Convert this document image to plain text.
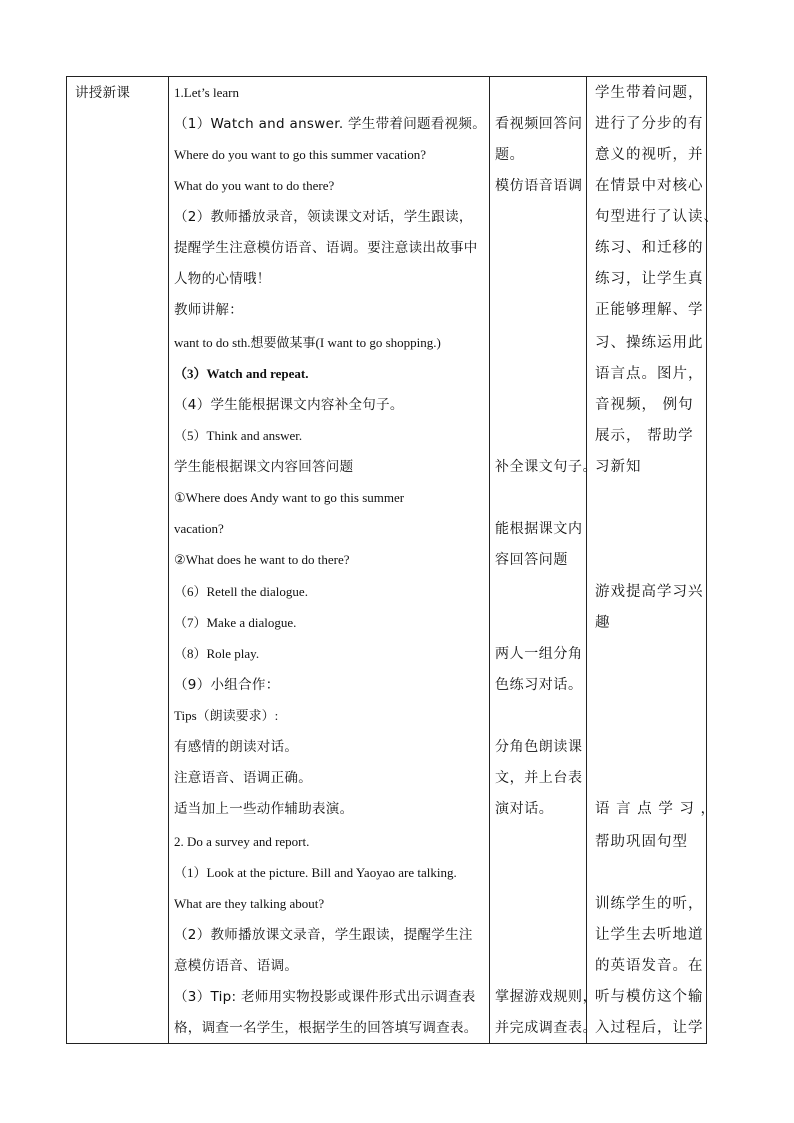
讲授新课	1.Let’s learn
（1）Watch and answer. 学生带着问题看视频。
Where do you want to go this summer vacation?
What do you want to do there?
（2）教师播放录音，领读课文对话，学生跟读，
提醒学生注意模仿语音、语调。要注意读出故事中
人物的心情哦！
教师讲解：
want to do sth.想要做某事(I want to go shopping.)
（3）Watch and repeat.
（4）学生能根据课文内容补全句子。
（5）Think and answer.
学生能根据课文内容回答问题
①Where does Andy want to go this summer
vacation?
②What does he want to do there?
（6）Retell the dialogue.
（7）Make a dialogue.
（8）Role play.
（9）小组合作：
Tips（朗读要求）:
有感情的朗读对话。
注意语音、语调正确。
适当加上一些动作辅助表演。
2. Do a survey and report.
（1）Look at the picture. Bill and Yaoyao are talking.
What are they talking about?
（2）教师播放课文录音，学生跟读，提醒学生注
意模仿语音、语调。
（3）Tip: 老师用实物投影或课件形式出示调查表
格，调查一名学生，根据学生的回答填写调查表。
看视频回答问
题。
模仿语音语调
补全课文句子。
能根据课文内
容回答问题
两人一组分角
色练习对话。
分角色朗读课
文，并上台表
演对话。
掌握游戏规则，
并完成调查表。
学生带着问题，
进行了分步的有
意义的视听，并
在情景中对核心
句型进行了认读、
练习、和迁移的
练习，让学生真
正能够理解、学
习、操练运用此
语言点。图片，
音视频， 例句
展示， 帮助学
习新知
游戏提高学习兴
趣
语 言 点 学 习 ，
帮助巩固句型
训练学生的听，
让学生去听地道
的英语发音。在
听与模仿这个输
入过程后，让学
